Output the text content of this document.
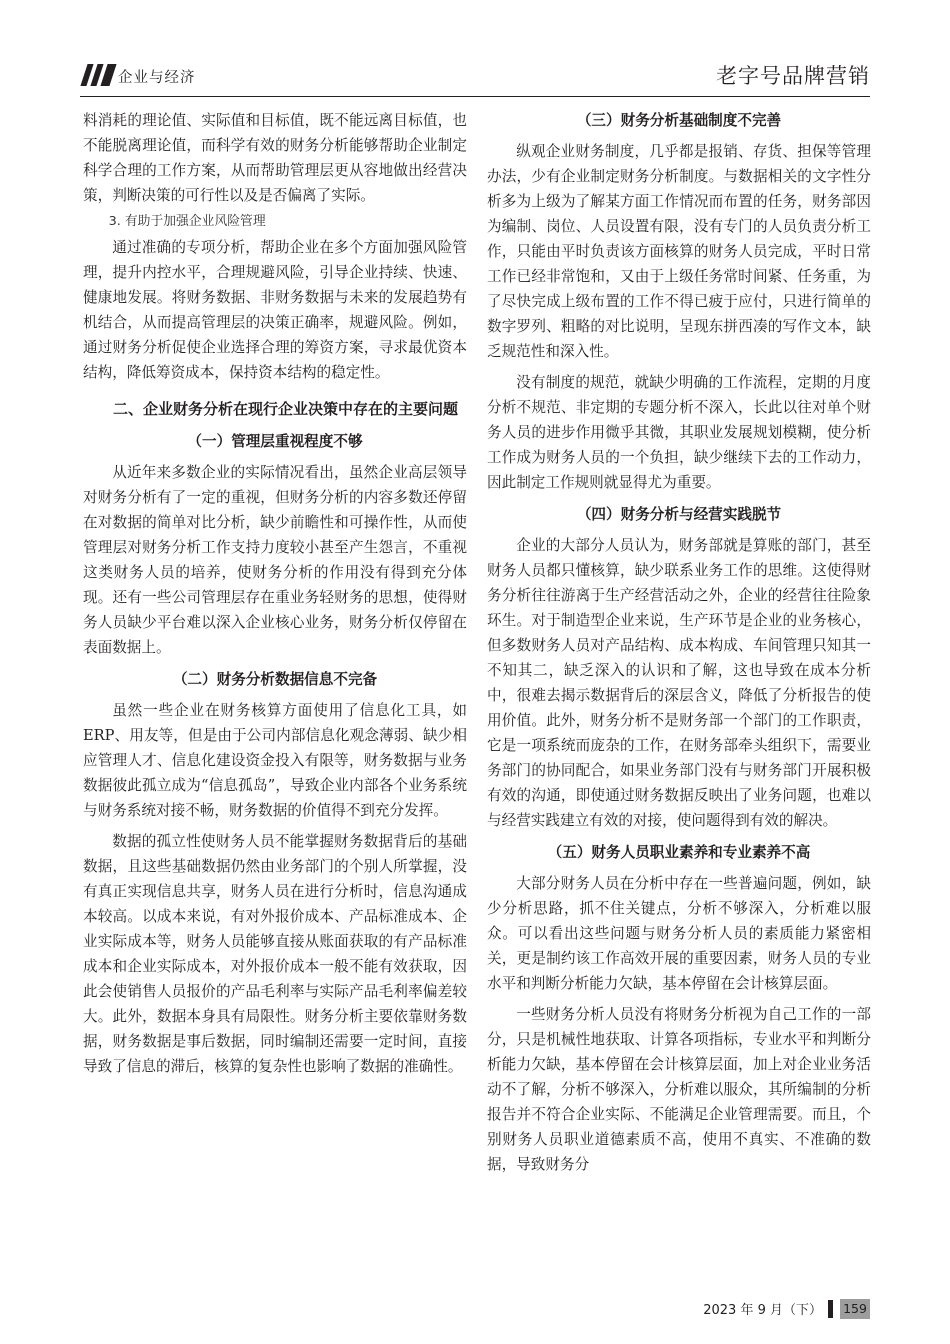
企业与经济	老字号品牌营销

料消耗的理论值、实际值和目标值，既不能远离目标值，也不能脱离理论值，而科学有效的财务分析能够帮助企业制定科学合理的工作方案，从而帮助管理层更从容地做出经营决策，判断决策的可行性以及是否偏离了实际。

3. 有助于加强企业风险管理

通过准确的专项分析，帮助企业在多个方面加强风险管理，提升内控水平，合理规避风险，引导企业持续、快速、健康地发展。将财务数据、非财务数据与未来的发展趋势有机结合，从而提高管理层的决策正确率，规避风险。例如，通过财务分析促使企业选择合理的筹资方案，寻求最优资本结构，降低筹资成本，保持资本结构的稳定性。

二、企业财务分析在现行企业决策中存在的主要问题
（一）管理层重视程度不够

从近年来多数企业的实际情况看出，虽然企业高层领导对财务分析有了一定的重视，但财务分析的内容多数还停留在对数据的简单对比分析，缺少前瞻性和可操作性，从而使管理层对财务分析工作支持力度较小甚至产生怨言，不重视这类财务人员的培养，使财务分析的作用没有得到充分体现。还有一些公司管理层存在重业务轻财务的思想，使得财务人员缺少平台难以深入企业核心业务，财务分析仅停留在表面数据上。

（二）财务分析数据信息不完备

虽然一些企业在财务核算方面使用了信息化工具，如 ERP、用友等，但是由于公司内部信息化观念薄弱、缺少相应管理人才、信息化建设资金投入有限等，财务数据与业务数据彼此孤立成为“信息孤岛”，导致企业内部各个业务系统与财务系统对接不畅，财务数据的价值得不到充分发挥。

数据的孤立性使财务人员不能掌握财务数据背后的基础数据，且这些基础数据仍然由业务部门的个别人所掌握，没有真正实现信息共享，财务人员在进行分析时，信息沟通成本较高。以成本来说，有对外报价成本、产品标准成本、企业实际成本等，财务人员能够直接从账面获取的有产品标准成本和企业实际成本，对外报价成本一般不能有效获取，因此会使销售人员报价的产品毛利率与实际产品毛利率偏差较大。此外，数据本身具有局限性。财务分析主要依靠财务数据，财务数据是事后数据，同时编制还需要一定时间，直接导致了信息的滞后，核算的复杂性也影响了数据的准确性。

（三）财务分析基础制度不完善

纵观企业财务制度，几乎都是报销、存货、担保等管理办法，少有企业制定财务分析制度。与数据相关的文字性分析多为上级为了解某方面工作情况而布置的任务，财务部因为编制、岗位、人员设置有限，没有专门的人员负责分析工作，只能由平时负责该方面核算的财务人员完成，平时日常工作已经非常饱和，又由于上级任务常时间紧、任务重，为了尽快完成上级布置的工作不得已疲于应付，只进行简单的数字罗列、粗略的对比说明，呈现东拼西凑的写作文本，缺乏规范性和深入性。

没有制度的规范，就缺少明确的工作流程，定期的月度分析不规范、非定期的专题分析不深入，长此以往对单个财务人员的进步作用微乎其微，其职业发展规划模糊，使分析工作成为财务人员的一个负担，缺少继续下去的工作动力，因此制定工作规则就显得尤为重要。

（四）财务分析与经营实践脱节

企业的大部分人员认为，财务部就是算账的部门，甚至财务人员都只懂核算，缺少联系业务工作的思维。这使得财务分析往往游离于生产经营活动之外，企业的经营往往险象环生。对于制造型企业来说，生产环节是企业的业务核心，但多数财务人员对产品结构、成本构成、车间管理只知其一不知其二，缺乏深入的认识和了解，这也导致在成本分析中，很难去揭示数据背后的深层含义，降低了分析报告的使用价值。此外，财务分析不是财务部一个部门的工作职责，它是一项系统而庞杂的工作，在财务部牵头组织下，需要业务部门的协同配合，如果业务部门没有与财务部门开展积极有效的沟通，即使通过财务数据反映出了业务问题，也难以与经营实践建立有效的对接，使问题得到有效的解决。

（五）财务人员职业素养和专业素养不高

大部分财务人员在分析中存在一些普遍问题，例如，缺少分析思路，抓不住关键点，分析不够深入，分析难以服众。可以看出这些问题与财务分析人员的素质能力紧密相关，更是制约该工作高效开展的重要因素，财务人员的专业水平和判断分析能力欠缺，基本停留在会计核算层面。

一些财务分析人员没有将财务分析视为自己工作的一部分，只是机械性地获取、计算各项指标，专业水平和判断分析能力欠缺，基本停留在会计核算层面，加上对企业业务活动不了解，分析不够深入，分析难以服众，其所编制的分析报告并不符合企业实际、不能满足企业管理需要。而且，个别财务人员职业道德素质不高，使用不真实、不准确的数据，导致财务分

2023 年 9 月（下） 159
